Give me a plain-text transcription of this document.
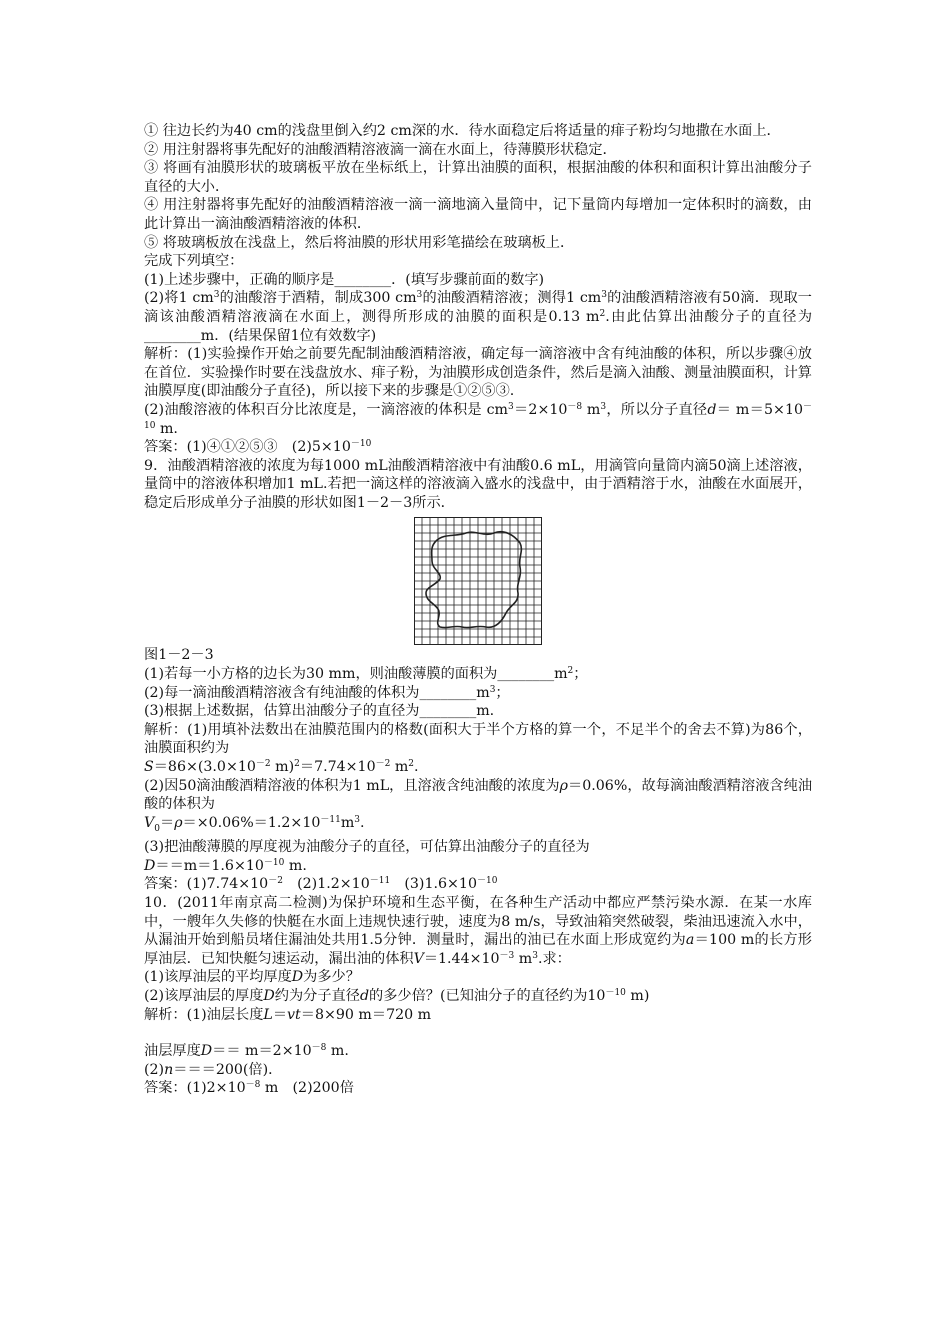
① 往边长约为40 cm的浅盘里倒入约2 cm深的水．待水面稳定后将适量的痱子粉均匀地撒在水面上．

② 用注射器将事先配好的油酸酒精溶液滴一滴在水面上，待薄膜形状稳定．

③ 将画有油膜形状的玻璃板平放在坐标纸上，计算出油膜的面积，根据油酸的体积和面积计算出油酸分子直径的大小．

④ 用注射器将事先配好的油酸酒精溶液一滴一滴地滴入量筒中，记下量筒内每增加一定体积时的滴数，由此计算出一滴油酸酒精溶液的体积．

⑤ 将玻璃板放在浅盘上，然后将油膜的形状用彩笔描绘在玻璃板上．

完成下列填空：

(1)上述步骤中，正确的顺序是________．(填写步骤前面的数字)

(2)将1 $cm^3$的油酸溶于酒精，制成300 $cm^3$的油酸酒精溶液；测得1 $cm^3$的油酸酒精溶液有50滴．现取一滴该油酸酒精溶液滴在水面上，测得所形成的油膜的面积是0.13 $m^2$.由此估算出油酸分子的直径为________m．(结果保留1位有效数字)

解析：(1)实验操作开始之前要先配制油酸酒精溶液，确定每一滴溶液中含有纯油酸的体积，所以步骤④放在首位．实验操作时要在浅盘放水、痱子粉，为油膜形成创造条件，然后是滴入油酸、测量油膜面积，计算油膜厚度(即油酸分子直径)，所以接下来的步骤是①②⑤③.

(2)油酸溶液的体积百分比浓度是，一滴溶液的体积是 $cm^3=2\times 10^{-8}$ $m^3$，所以分子直径$d= m=5\times 10^{-10}$ m.

答案：(1)④①②⑤③　$(2)5\times 10^{-10}$

9．油酸酒精溶液的浓度为每1000 mL油酸酒精溶液中有油酸0.6 mL，用滴管向量筒内滴50滴上述溶液，量筒中的溶液体积增加1 mL.若把一滴这样的溶液滴入盛水的浅盘中，由于酒精溶于水，油酸在水面展开，稳定后形成单分子油膜的形状如图1－2－3所示．

图1－2－3

(1)若每一小方格的边长为30 mm，则油酸薄膜的面积为$\_\_\_\_\_\_\_\_m^2$；

(2)每一滴油酸酒精溶液含有纯油酸的体积为$\_\_\_\_\_\_\_\_m^3$；

(3)根据上述数据，估算出油酸分子的直径为________m.

解析：(1)用填补法数出在油膜范围内的格数(面积大于半个方格的算一个，不足半个的舍去不算)为86个，油膜面积约为

$S=86\times(3.0\times 10^{-2}$ $m)^2=7.74\times 10^{-2}$ $m^2$.

(2)因50滴油酸酒精溶液的体积为1 mL，且溶液含纯油酸的浓度为ρ＝0.06%，故每滴油酸酒精溶液含纯油酸的体积为

$V_0=\rho=\times 0.06\%=1.2\times 10^{-11}m^3$.

(3)把油酸薄膜的厚度视为油酸分子的直径，可估算出油酸分子的直径为

$D==m=1.6\times 10^{-10}$ m.

答案：$(1)7.74\times 10^{-2}$　$(2)1.2\times 10^{-11}$　$(3)1.6\times 10^{-10}$

10．(2011年南京高二检测)为保护环境和生态平衡，在各种生产活动中都应严禁污染水源．在某一水库中，一艘年久失修的快艇在水面上违规快速行驶，速度为8 m/s，导致油箱突然破裂，柴油迅速流入水中，从漏油开始到船员堵住漏油处共用1.5分钟．测量时，漏出的油已在水面上形成宽约为a＝100 m的长方形厚油层．已知快艇匀速运动，漏出油的体积$V=1.44\times 10^{-3}$ $m^3$.求：

(1)该厚油层的平均厚度D为多少？

(2)该厚油层的厚度D约为分子直径d的多少倍？(已知油分子的直径约为$10^{-10}$ m)

解析：(1)油层长度L＝vt＝8×90 m＝720 m

油层厚度$D== m=2\times 10^{-8}$ m.

(2)n＝＝＝200(倍)．

答案：$(1)2\times 10^{-8}$ m　(2)200倍
